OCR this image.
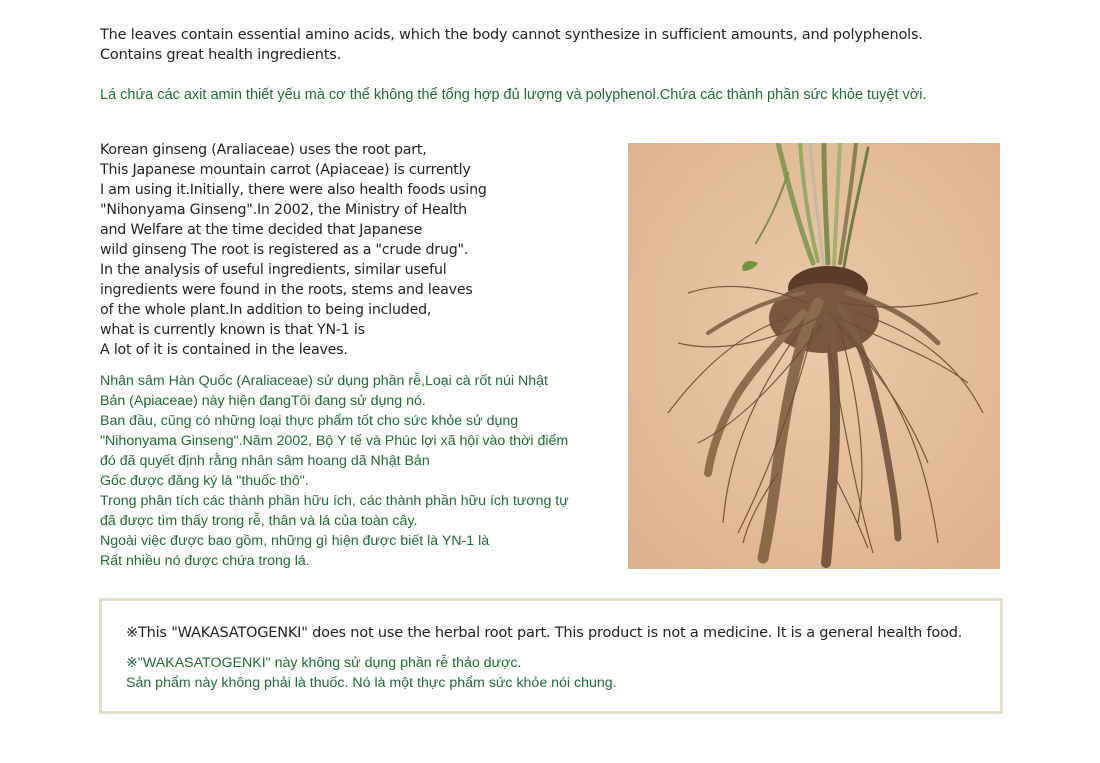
The leaves contain essential amino acids, which the body cannot synthesize in sufficient amounts, and polyphenols.
Contains great health ingredients.
Lá chứa các axit amin thiết yếu mà cơ thể không thể tổng hợp đủ lượng và polyphenol.Chứa các thành phần sức khỏe tuyệt vời.
Korean ginseng (Araliaceae) uses the root part,
This Japanese mountain carrot (Apiaceae) is currently
I am using it.Initially, there were also health foods using
"Nihonyama Ginseng".In 2002, the Ministry of Health
and Welfare at the time decided that Japanese
wild ginseng The root is registered as a "crude drug".
In the analysis of useful ingredients, similar useful
ingredients were found in the roots, stems and leaves
of the whole plant.In addition to being included,
what is currently known is that YN-1 is
A lot of it is contained in the leaves.
Nhân sâm Hàn Quốc (Araliaceae) sử dụng phần rễ,Loại cà rốt núi Nhật
Bản (Apiaceae) này hiện đangTôi đang sử dụng nó.
Ban đầu, cũng có những loại thực phẩm tốt cho sức khỏe sử dụng
"Nihonyama Ginseng".Năm 2002, Bộ Y tế và Phúc lợi xã hội vào thời điểm
đó đã quyết định rằng nhân sâm hoang dã Nhật Bản
Gốc được đăng ký là "thuốc thô".
Trong phân tích các thành phần hữu ích, các thành phần hữu ích tương tự
đã được tìm thấy trong rễ, thân và lá của toàn cây.
Ngoài việc được bao gồm, những gì hiện được biết là YN-1 là
Rất nhiều nó được chứa trong lá.
※This "WAKASATOGENKI" does not use the herbal root part. This product is not a medicine. It is a general health food.
※"WAKASATOGENKI" này không sử dụng phần rễ thảo dược.
Sản phẩm này không phải là thuốc. Nó là một thực phẩm sức khỏe nói chung.
